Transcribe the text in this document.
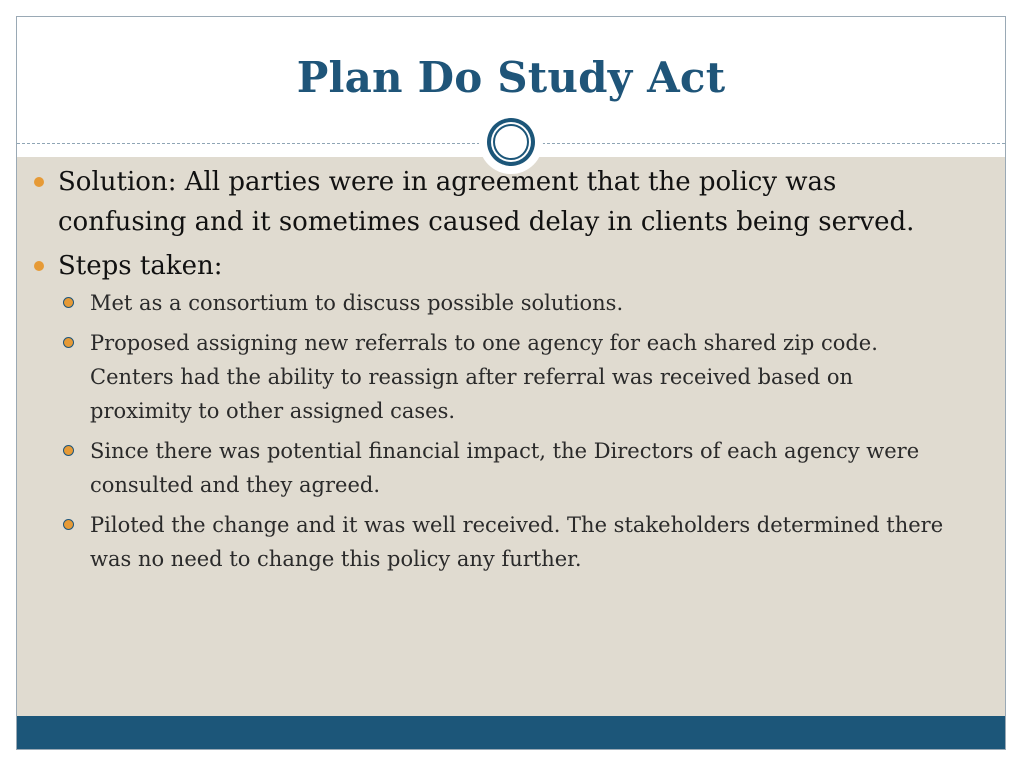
Plan Do Study Act
Solution: All parties were in agreement that the policy was confusing and it sometimes caused delay in clients being served.
Steps taken:
Met as a consortium to discuss possible solutions.
Proposed assigning new referrals to one agency for each shared zip code. Centers had the ability to reassign after referral was received based on proximity to other assigned cases.
Since there was potential financial impact, the Directors of each agency were consulted and they agreed.
Piloted the change and it was well received. The stakeholders determined there was no need to change this policy any further.
